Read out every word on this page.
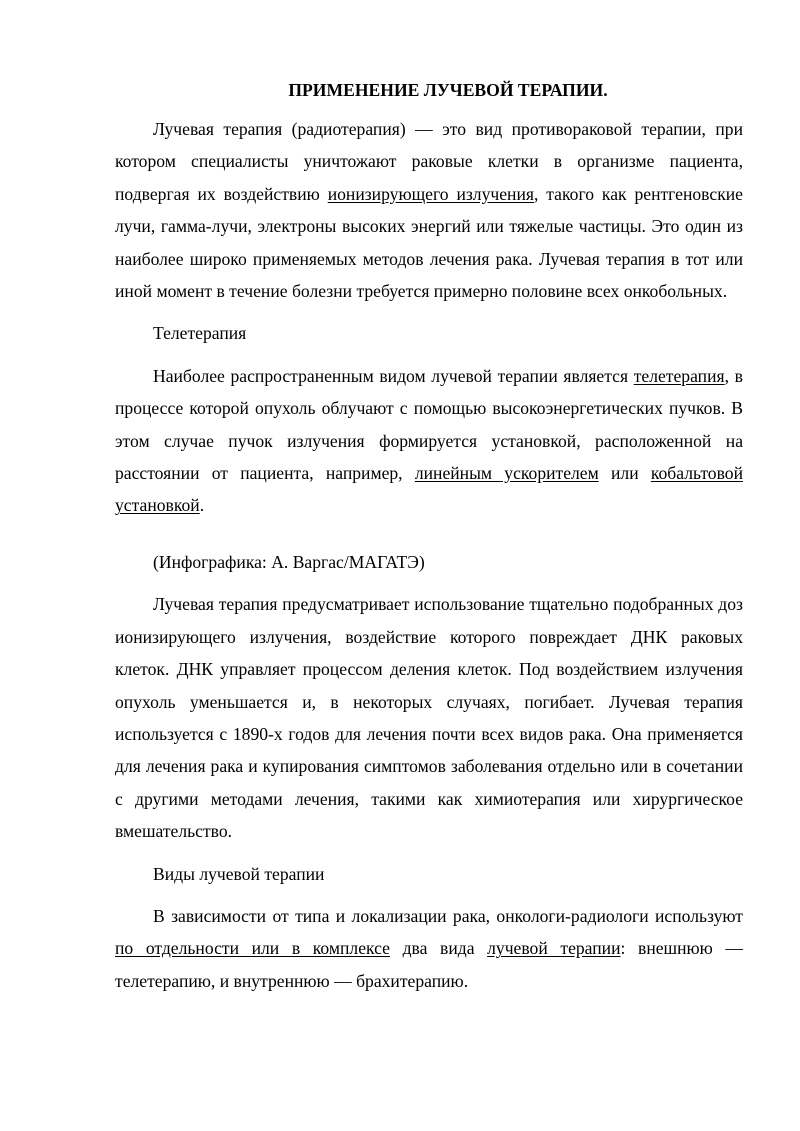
ПРИМЕНЕНИЕ ЛУЧЕВОЙ ТЕРАПИИ.

Лучевая терапия (радиотерапия) — это вид противораковой терапии, при котором специалисты уничтожают раковые клетки в организме пациента, подвергая их воздействию ионизирующего излучения, такого как рентгеновские лучи, гамма-лучи, электроны высоких энергий или тяжелые частицы. Это один из наиболее широко применяемых методов лечения рака. Лучевая терапия в тот или иной момент в течение болезни требуется примерно половине всех онкобольных.

Телетерапия

Наиболее распространенным видом лучевой терапии является телетерапия, в процессе которой опухоль облучают с помощью высокоэнергетических пучков. В этом случае пучок излучения формируется установкой, расположенной на расстоянии от пациента, например, линейным ускорителем или кобальтовой установкой.

(Инфографика: А. Варгас/МАГАТЭ)

Лучевая терапия предусматривает использование тщательно подобранных доз ионизирующего излучения, воздействие которого повреждает ДНК раковых клеток. ДНК управляет процессом деления клеток. Под воздействием излучения опухоль уменьшается и, в некоторых случаях, погибает. Лучевая терапия используется с 1890-х годов для лечения почти всех видов рака. Она применяется для лечения рака и купирования симптомов заболевания отдельно или в сочетании с другими методами лечения, такими как химиотерапия или хирургическое вмешательство.

Виды лучевой терапии

В зависимости от типа и локализации рака, онкологи-радиологи используют по отдельности или в комплексе два вида лучевой терапии: внешнюю — телетерапию, и внутреннюю — брахитерапию.
